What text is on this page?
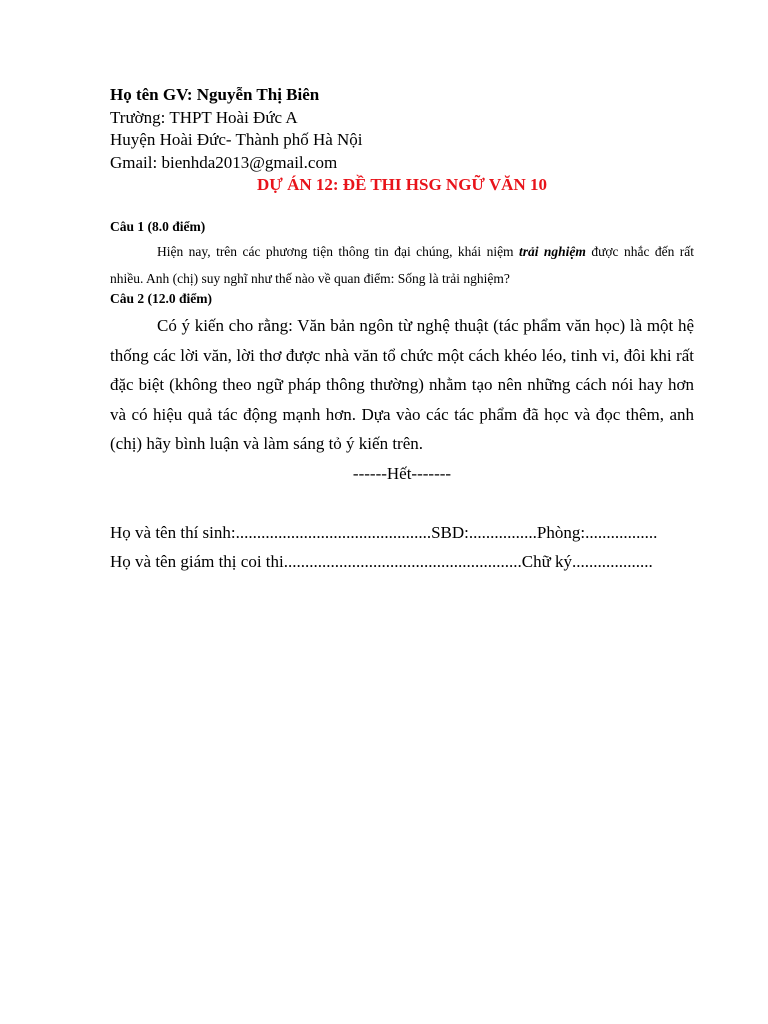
Họ tên GV: Nguyễn Thị Biên
Trường: THPT Hoài Đức A
Huyện Hoài Đức- Thành phố Hà Nội
Gmail: bienhda2013@gmail.com
DỰ ÁN 12: ĐỀ THI HSG NGỮ VĂN 10
Câu 1 (8.0 điểm)
Hiện nay, trên các phương tiện thông tin đại chúng, khái niệm trải nghiệm được nhắc đến rất nhiều. Anh (chị) suy nghĩ như thế nào về quan điểm: Sống là trải nghiệm?
Câu 2 (12.0 điểm)
Có ý kiến cho rằng: Văn bản ngôn từ nghệ thuật (tác phẩm văn học) là một hệ thống các lời văn, lời thơ được nhà văn tổ chức một cách khéo léo, tinh vi, đôi khi rất đặc biệt (không theo ngữ pháp thông thường) nhằm tạo nên những cách nói hay hơn và có hiệu quả tác động mạnh hơn. Dựa vào các tác phẩm đã học và đọc thêm, anh (chị) hãy bình luận và làm sáng tỏ ý kiến trên.
------Hết-------
Họ và tên thí sinh:..............................................SBD:................Phòng:.................
Họ và tên giám thị coi thi........................................................Chữ ký...................
